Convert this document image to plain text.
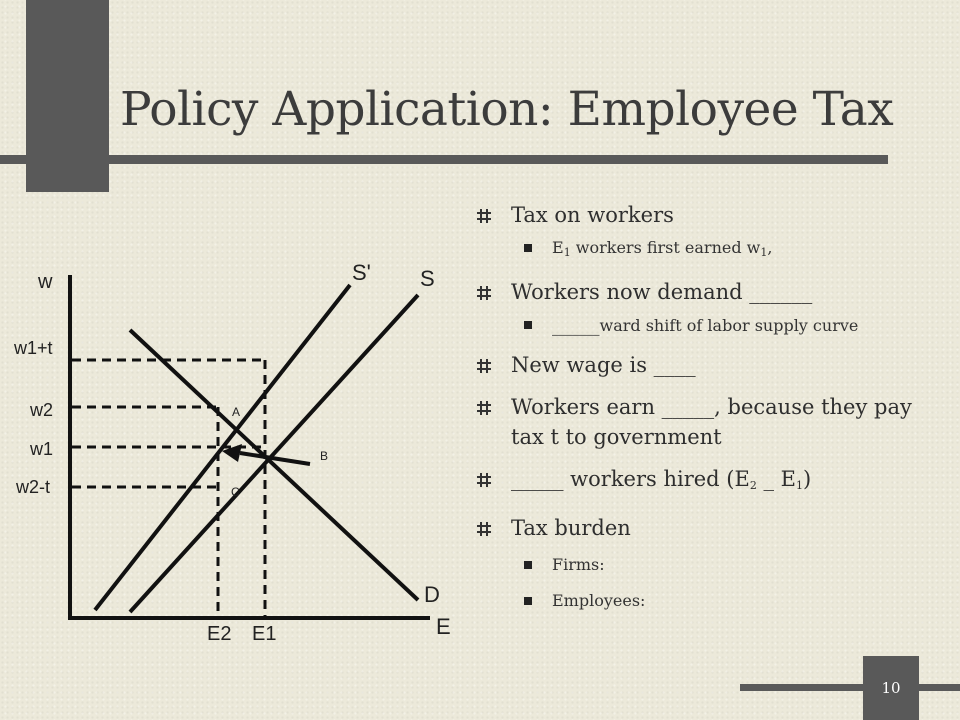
Policy Application: Employee Tax
w
w1+t
w2
w1
w2-t
E2 E1	E
S' S
D
A
B
C
Tax on workers
$E_1$ workers first earned $w_1$,
Workers now demand ______
_____ward shift of labor supply curve
New wage is ____
Workers earn _____, because they pay tax t to government
_____ workers hired ($E_2$ _ $E_1$)
Tax burden
Firms:
Employees:
10
